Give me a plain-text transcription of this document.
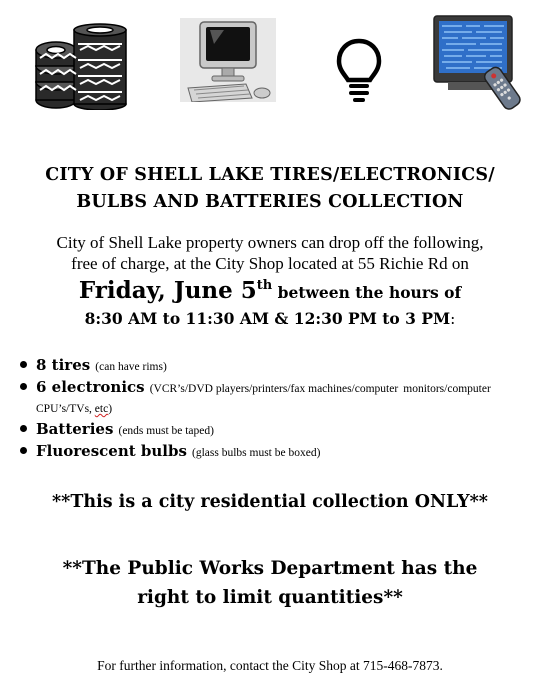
CITY OF SHELL LAKE TIRES/ELECTRONICS/
BULBS AND BATTERIES COLLECTION
City of Shell Lake property owners can drop off the following,
free of charge, at the City Shop located at 55 Richie Rd on
Friday, June 5th between the hours of
8:30 AM to 11:30 AM & 12:30 PM to 3 PM:
8 tires (can have rims)
6 electronics (VCR’s/DVD players/printers/fax machines/computer monitors/computer CPU’s/TVs, etc)
Batteries (ends must be taped)
Fluorescent bulbs (glass bulbs must be boxed)
**This is a city residential collection ONLY**
**The Public Works Department has the
right to limit quantities**
For further information, contact the City Shop at 715-468-7873.
